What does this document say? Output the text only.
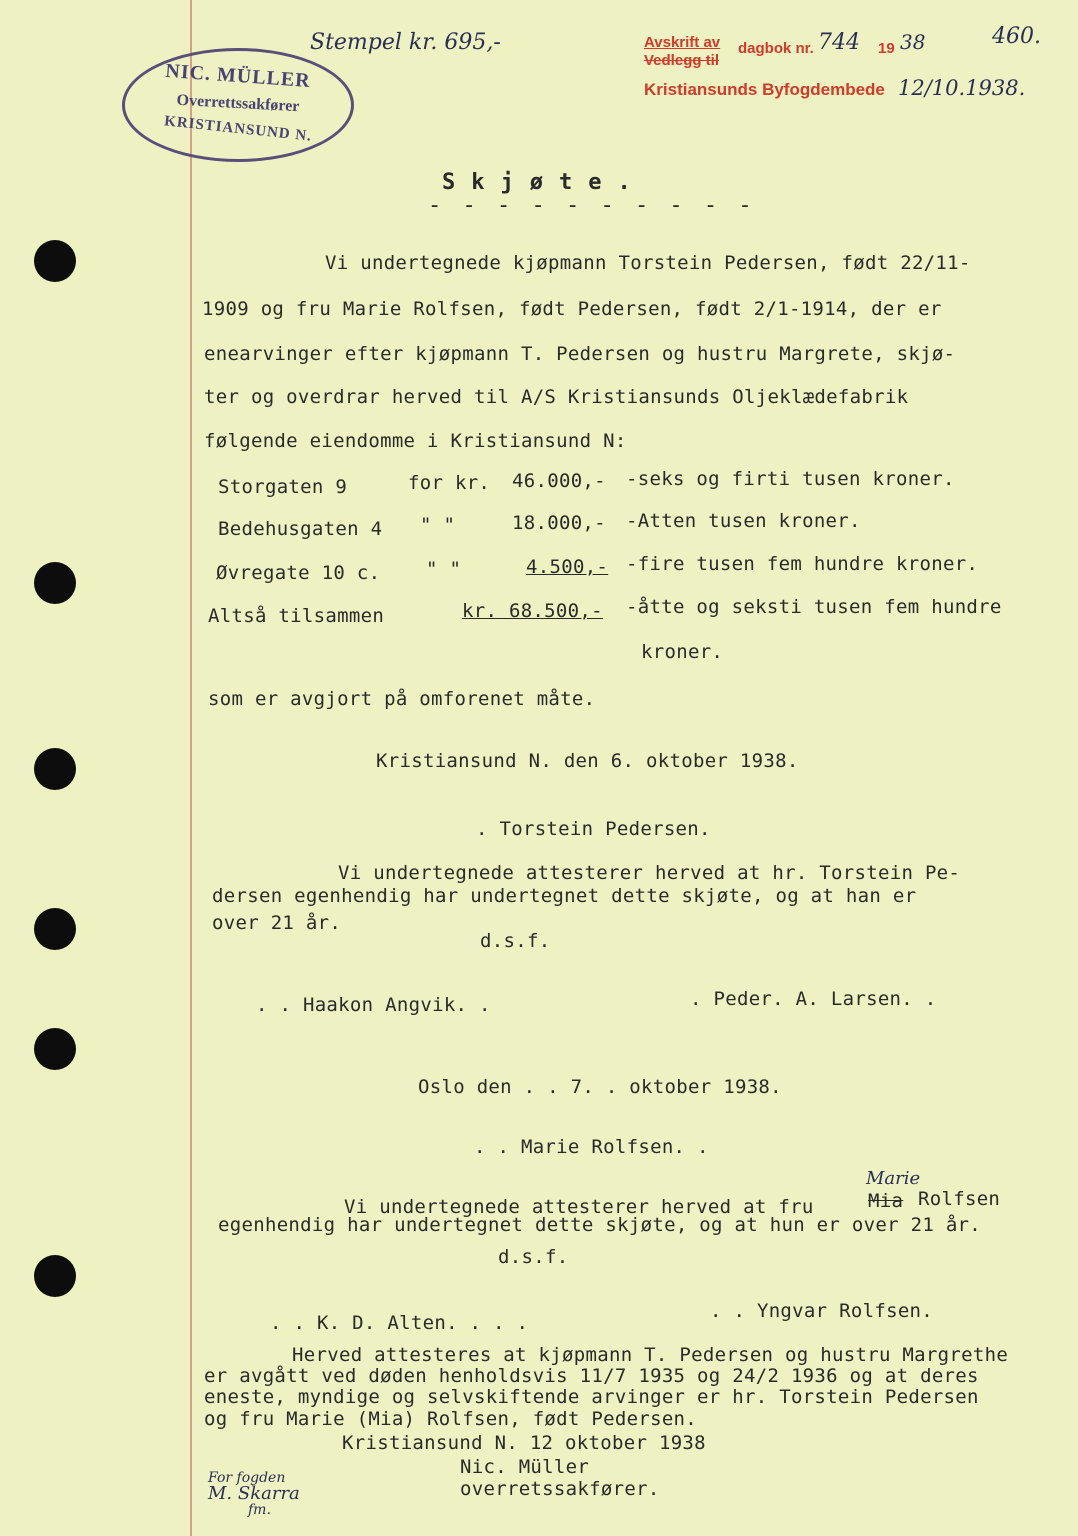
NIC. MÜLLER
Overrettssakfører
KRISTIANSUND N.
Stempel kr. 695,-	Avskrift av
Vedlegg til
dagbok nr. 744 19 38
Kristiansunds Byfogdembede 12/10.1938.
460.
Skjøte.
- - - - - - - - - -
Vi undertegnede kjøpmann Torstein Pedersen, født 22/11-
1909 og fru Marie Rolfsen, født Pedersen, født 2/1-1914, der er
enearvinger efter kjøpmann T. Pedersen og hustru Margrete, skjø-
ter og overdrar herved til A/S Kristiansunds Oljeklædefabrik
følgende eiendomme i Kristiansund N:
Storgaten 9	for kr. 46.000,- -seks og firti tusen kroner.
Bedehusgaten 4 " "	18.000,- -Atten tusen kroner.
Øvregate 10 c. " "	4.500,- -fire tusen fem hundre kroner.
Altså tilsammen	kr. 68.500,- -åtte og seksti tusen fem hundre
kroner.
som er avgjort på omforenet måte.
Kristiansund N. den 6. oktober 1938.
. Torstein Pedersen.
Vi undertegnede attesterer herved at hr. Torstein Pe-
dersen egenhendig har undertegnet dette skjøte, og at han er
over 21 år.
d.s.f.
. . Haakon Angvik. .	. Peder. A. Larsen. .
Oslo den . . 7. . oktober 1938.
. . Marie Rolfsen. .
Marie
Vi undertegnede attesterer herved at fru	Mia Rolfsen
egenhendig har undertegnet dette skjøte, og at hun er over 21 år.
d.s.f.
. . K. D. Alten. . . .
. . Yngvar Rolfsen.
Herved attesteres at kjøpmann T. Pedersen og hustru Margrethe
er avgått ved døden henholdsvis 11/7 1935 og 24/2 1936 og at deres
eneste, myndige og selvskiftende arvinger er hr. Torstein Pedersen
og fru Marie (Mia) Rolfsen, født Pedersen.
Kristiansund N. 12 oktober 1938
Nic. Müller
overretssakfører.
For fogden
M. Skarra
fm.
